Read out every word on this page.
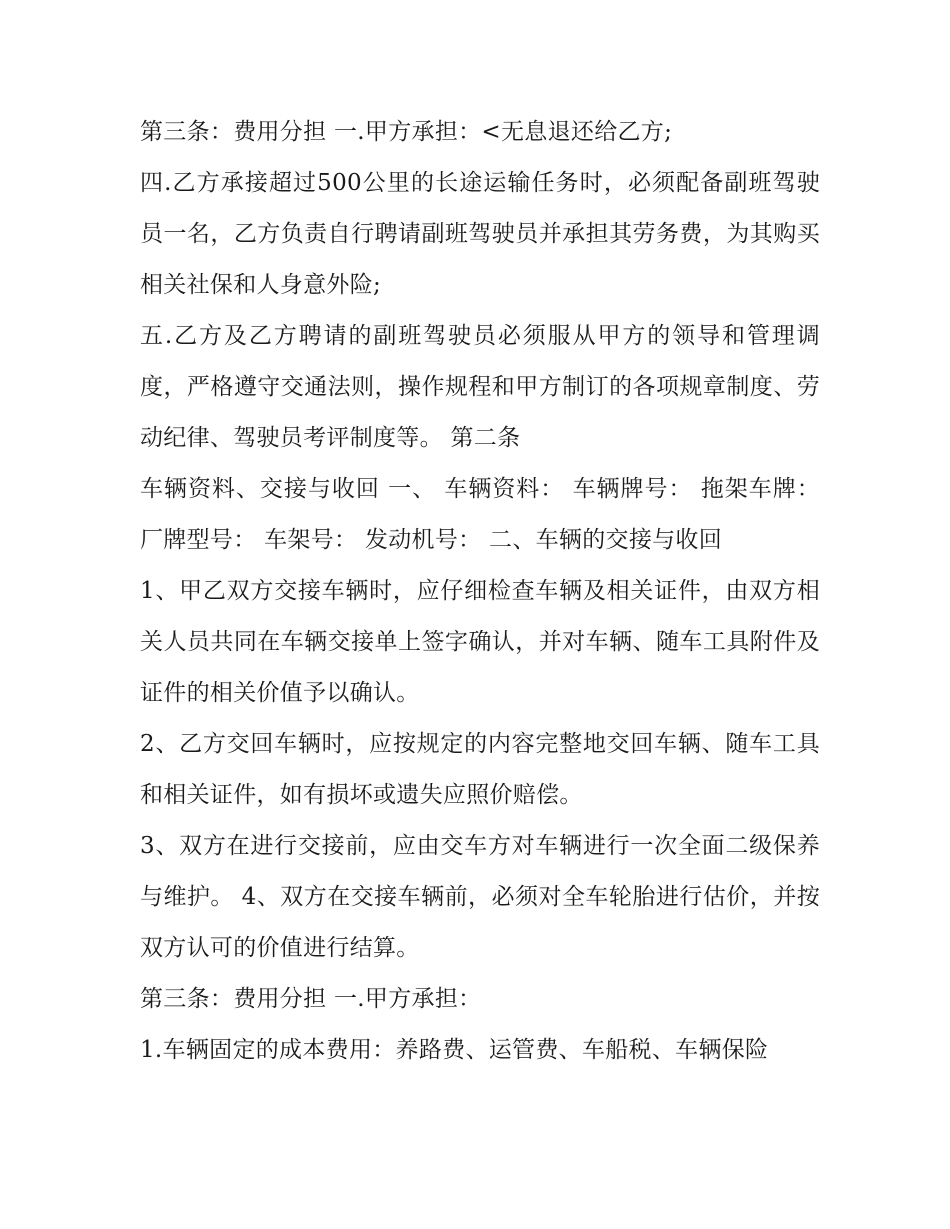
第三条：费用分担 一.甲方承担：<无息退还给乙方;

四.乙方承接超过500公里的长途运输任务时，必须配备副班驾驶员一名，乙方负责自行聘请副班驾驶员并承担其劳务费，为其购买相关社保和人身意外险;

五.乙方及乙方聘请的副班驾驶员必须服从甲方的领导和管理调度，严格遵守交通法则，操作规程和甲方制订的各项规章制度、劳动纪律、驾驶员考评制度等。 第二条

车辆资料、交接与收回 一、 车辆资料： 车辆牌号： 拖架车牌： 厂牌型号： 车架号： 发动机号： 二、车辆的交接与收回

1、甲乙双方交接车辆时，应仔细检查车辆及相关证件，由双方相关人员共同在车辆交接单上签字确认，并对车辆、随车工具附件及证件的相关价值予以确认。

2、乙方交回车辆时，应按规定的内容完整地交回车辆、随车工具和相关证件，如有损坏或遗失应照价赔偿。

3、双方在进行交接前，应由交车方对车辆进行一次全面二级保养与维护。 4、双方在交接车辆前，必须对全车轮胎进行估价，并按双方认可的价值进行结算。

第三条：费用分担 一.甲方承担：

1.车辆固定的成本费用：养路费、运管费、车船税、车辆保险
